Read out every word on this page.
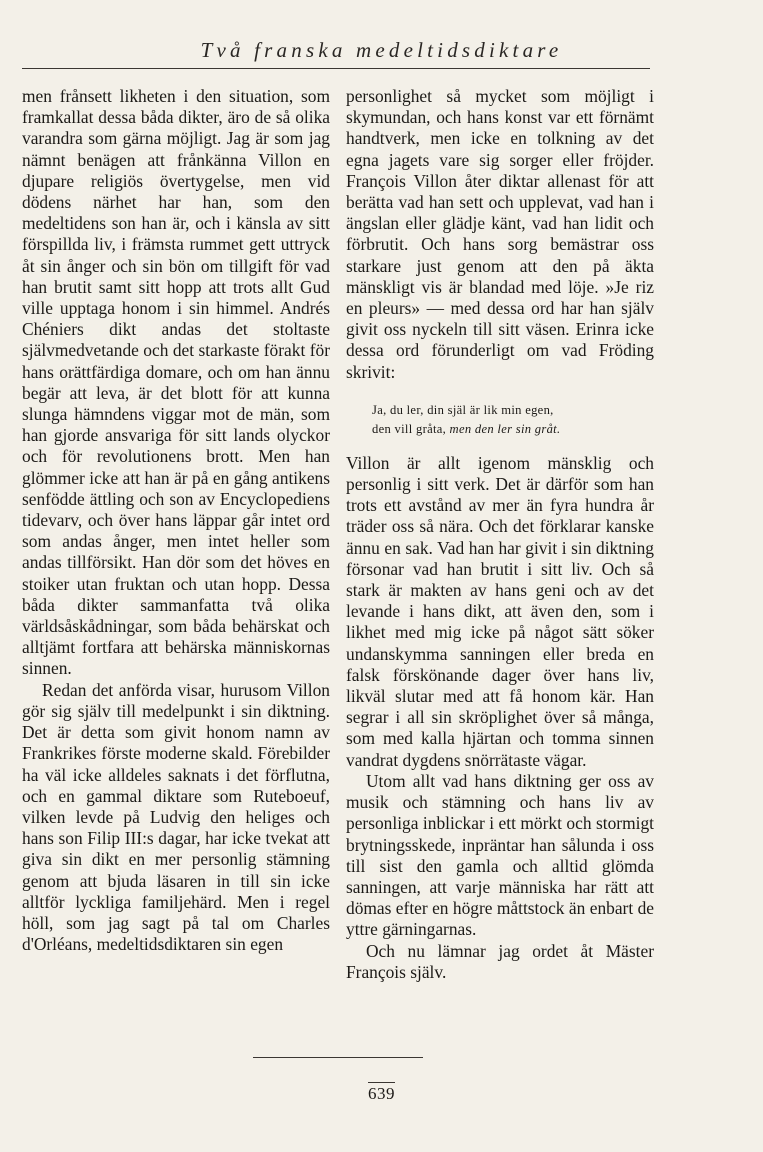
Två franska medeltidsdiktare

men frånsett likheten i den situation, som framkallat dessa båda dikter, äro de så olika varandra som gärna möjligt. Jag är som jag nämnt benägen att frånkänna Villon en djupare religiös övertygelse, men vid dödens närhet har han, som den medeltidens son han är, och i känsla av sitt förspillda liv, i främsta rummet gett uttryck åt sin ånger och sin bön om tillgift för vad han brutit samt sitt hopp att trots allt Gud ville upptaga honom i sin himmel. Andrés Chéniers dikt andas det stoltaste självmedvetande och det starkaste förakt för hans orättfärdiga domare, och om han ännu begär att leva, är det blott för att kunna slunga hämndens viggar mot de män, som han gjorde ansvariga för sitt lands olyckor och för revolutionens brott. Men han glömmer icke att han är på en gång antikens senfödde ättling och son av Encyclopediens tidevarv, och över hans läppar går intet ord som andas ånger, men intet heller som andas tillförsikt. Han dör som det höves en stoiker utan fruktan och utan hopp. Dessa båda dikter sammanfatta två olika världsåskådningar, som båda behärskat och alltjämt fortfara att behärska människornas sinnen.

Redan det anförda visar, hurusom Villon gör sig själv till medelpunkt i sin diktning. Det är detta som givit honom namn av Frankrikes förste moderne skald. Förebilder ha väl icke alldeles saknats i det förflutna, och en gammal diktare som Ruteboeuf, vilken levde på Ludvig den heliges och hans son Filip III:s dagar, har icke tvekat att giva sin dikt en mer personlig stämning genom att bjuda läsaren in till sin icke alltför lyckliga familjehärd. Men i regel höll, som jag sagt på tal om Charles d'Orléans, medeltidsdiktaren sin egen

personlighet så mycket som möjligt i skymundan, och hans konst var ett förnämt handtverk, men icke en tolkning av det egna jagets vare sig sorger eller fröjder. François Villon åter diktar allenast för att berätta vad han sett och upplevat, vad han i ängslan eller glädje känt, vad han lidit och förbrutit. Och hans sorg bemästrar oss starkare just genom att den på äkta mänskligt vis är blandad med löje. »Je riz en pleurs» — med dessa ord har han själv givit oss nyckeln till sitt väsen. Erinra icke dessa ord förunderligt om vad Fröding skrivit:

Ja, du ler, din själ är lik min egen,
den vill gråta, men den ler sin gråt.

Villon är allt igenom mänsklig och personlig i sitt verk. Det är därför som han trots ett avstånd av mer än fyra hundra år träder oss så nära. Och det förklarar kanske ännu en sak. Vad han har givit i sin diktning försonar vad han brutit i sitt liv. Och så stark är makten av hans geni och av det levande i hans dikt, att även den, som i likhet med mig icke på något sätt söker undanskymma sanningen eller breda en falsk förskönande dager över hans liv, likväl slutar med att få honom kär. Han segrar i all sin skröplighet över så många, som med kalla hjärtan och tomma sinnen vandrat dygdens snörrätaste vägar.

Utom allt vad hans diktning ger oss av musik och stämning och hans liv av personliga inblickar i ett mörkt och stormigt brytningsskede, inpräntar han sålunda i oss till sist den gamla och alltid glömda sanningen, att varje människa har rätt att dömas efter en högre måttstock än enbart de yttre gärningarnas.

Och nu lämnar jag ordet åt Mäster François själv.

639
